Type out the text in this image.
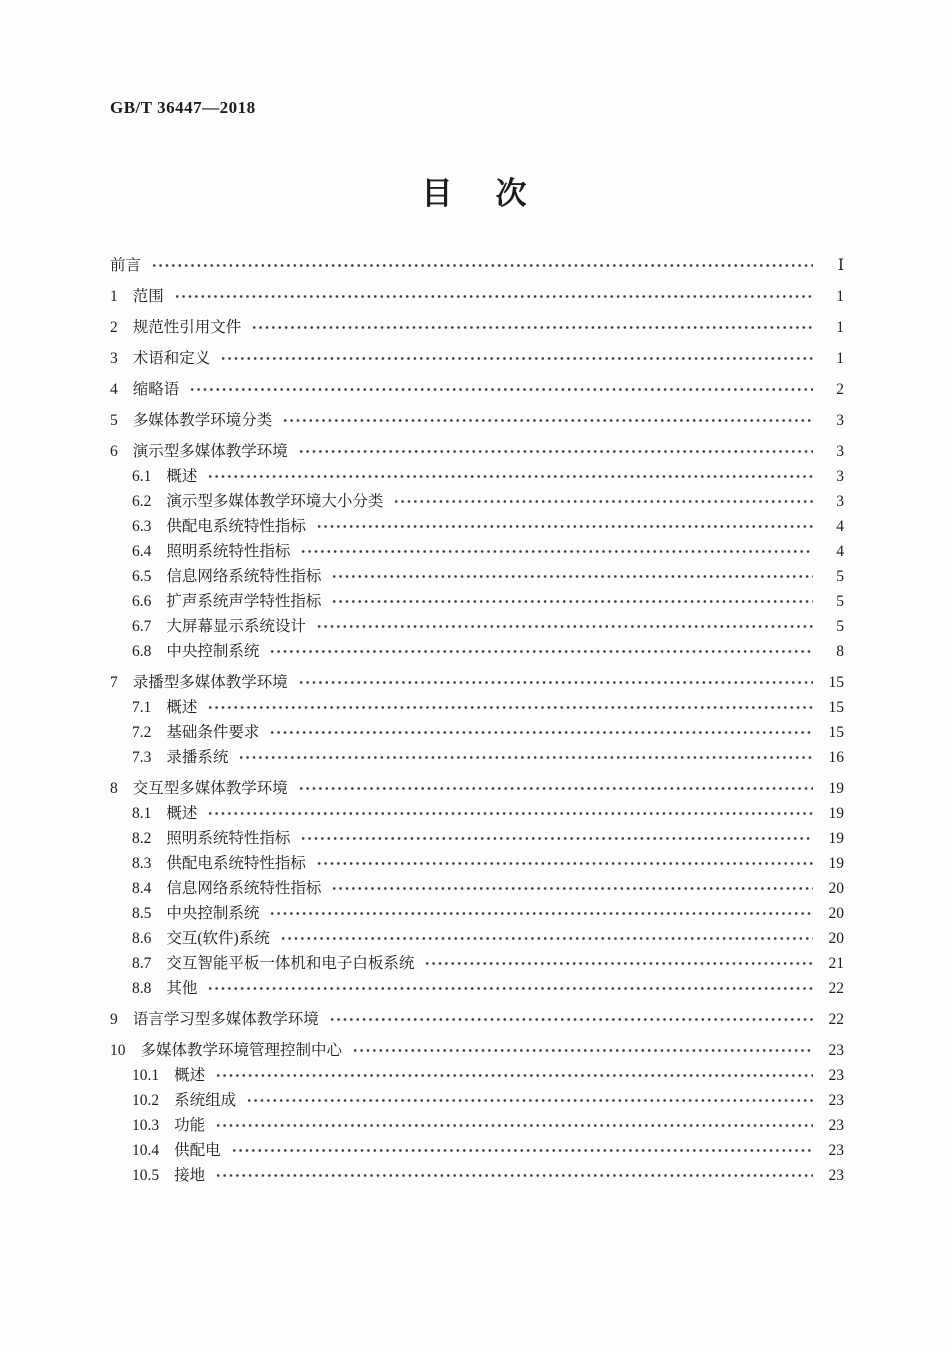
GB/T 36447—2018
目　次
前言	Ⅰ
1 范围	1
2 规范性引用文件	1
3 术语和定义	1
4 缩略语	2
5 多媒体教学环境分类	3
6 演示型多媒体教学环境	3
6.1 概述	3
6.2 演示型多媒体教学环境大小分类	3
6.3 供配电系统特性指标	4
6.4 照明系统特性指标	4
6.5 信息网络系统特性指标	5
6.6 扩声系统声学特性指标	5
6.7 大屏幕显示系统设计	5
6.8 中央控制系统	8
7 录播型多媒体教学环境	15
7.1 概述	15
7.2 基础条件要求	15
7.3 录播系统	16
8 交互型多媒体教学环境	19
8.1 概述	19
8.2 照明系统特性指标	19
8.3 供配电系统特性指标	19
8.4 信息网络系统特性指标	20
8.5 中央控制系统	20
8.6 交互(软件)系统	20
8.7 交互智能平板一体机和电子白板系统	21
8.8 其他	22
9 语言学习型多媒体教学环境	22
10 多媒体教学环境管理控制中心	23
10.1 概述	23
10.2 系统组成	23
10.3 功能	23
10.4 供配电	23
10.5 接地	23
